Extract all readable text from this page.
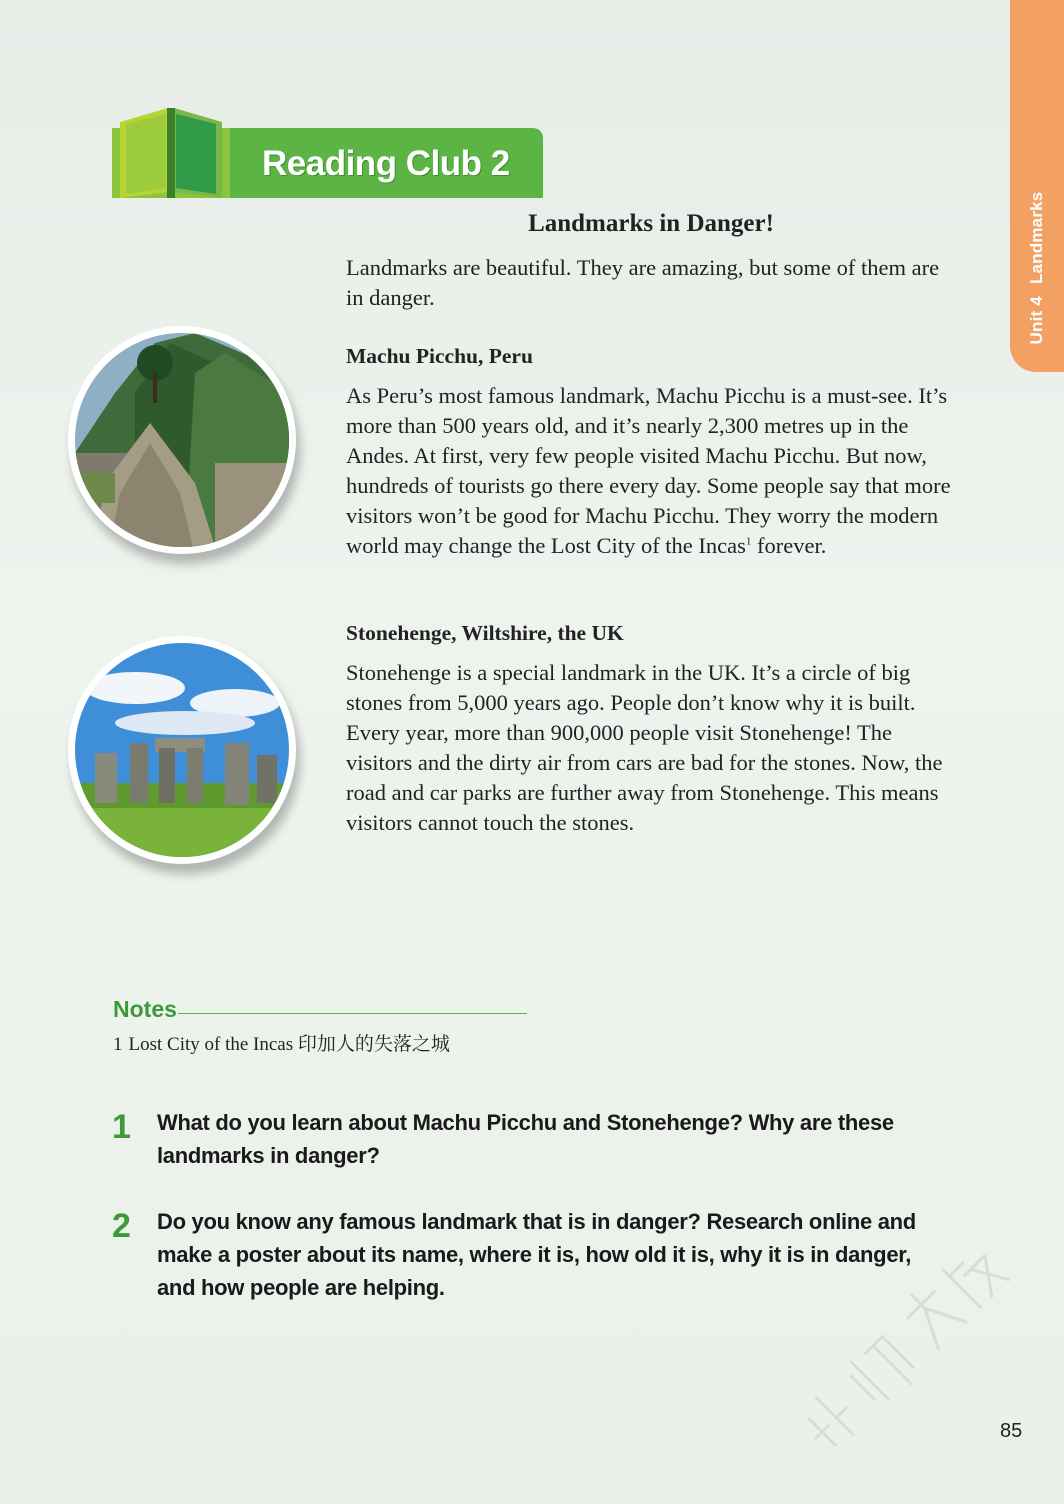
Unit 4Landmarks
Reading Club 2
Landmarks in Danger!
Landmarks are beautiful. They are amazing, but some of them are in danger.
Machu Picchu, Peru
As Peru’s most famous landmark, Machu Picchu is a must-see. It’s more than 500 years old, and it’s nearly 2,300 metres up in the Andes. At first, very few people visited Machu Picchu. But now, hundreds of tourists go there every day. Some people say that more visitors won’t be good for Machu Picchu. They worry the modern world may change the Lost City of the Incas$^1$ forever.
Stonehenge, Wiltshire, the UK
Stonehenge is a special landmark in the UK. It’s a circle of big stones from 5,000 years ago. People don’t know why it is built. Every year, more than 900,000 people visit Stonehenge! The visitors and the dirty air from cars are bad for the stones. Now, the road and car parks are further away from Stonehenge. This means visitors cannot touch the stones.
Notes
1 Lost City of the Incas 印加人的失落之城
1 What do you learn about Machu Picchu and Stonehenge? Why are these landmarks in danger?
2 Do you know any famous landmark that is in danger? Research online and make a poster about its name, where it is, how old it is, why it is in danger, and how people are helping.
85
